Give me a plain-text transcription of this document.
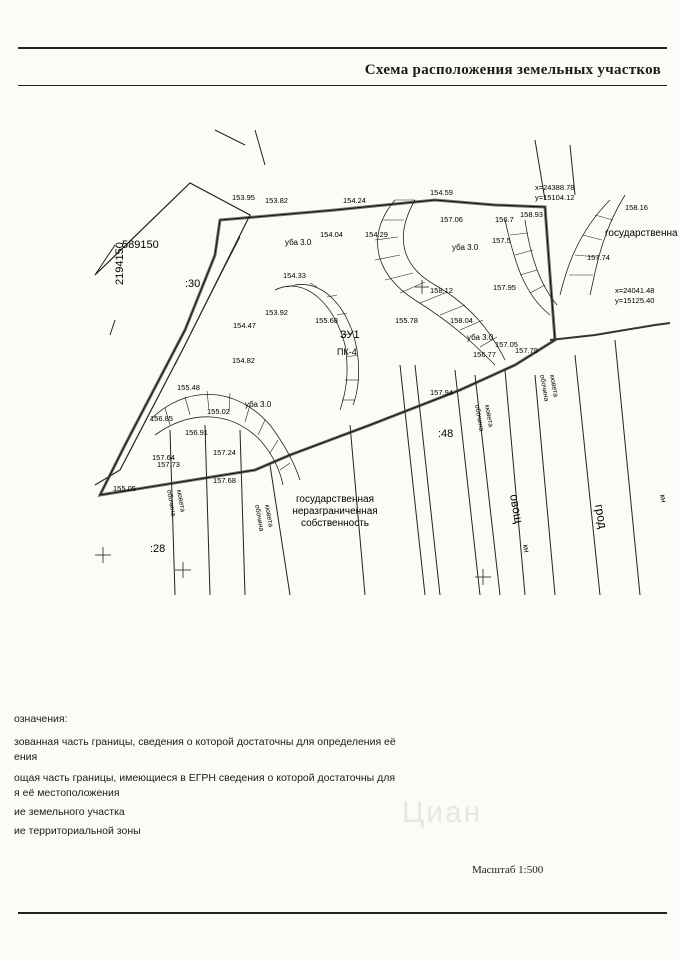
Схема расположения земельных участков
2194150
589150
ЗУ1
ПК-4
:30
:48
:28
государственная
неразграниченная
собственность
государственна
уба 3.0
уба 3.0
уба 3.0
уба 3.0
153.95 153.82	154.24
154.59
157.06	156.7
158.93
154.04	154.29
157.5
154.33
153.92
155.68
158.12	157.95
154.47
155.78	158.04
154.82
156.77
157.05
157.79
155.48
157.94
155.02
156.85
156.91
157.64
157.73
157.24
157.68
155.05
158.16
157.74
x=24388.78
y=15104.12
x=24041.48
y=15125.40
овощ	грод
кн
кн
обочина
кювета
обочина
кювета
обочина
кювета
обочина
кювета
означения:
зованная часть границы, сведения о которой достаточны для определения её
ения
ощая часть границы, имеющиеся в ЕГРН сведения о которой достаточны для
я её местоположения
ие земельного участка
ие территориальной зоны
Циан
Масштаб 1:500
